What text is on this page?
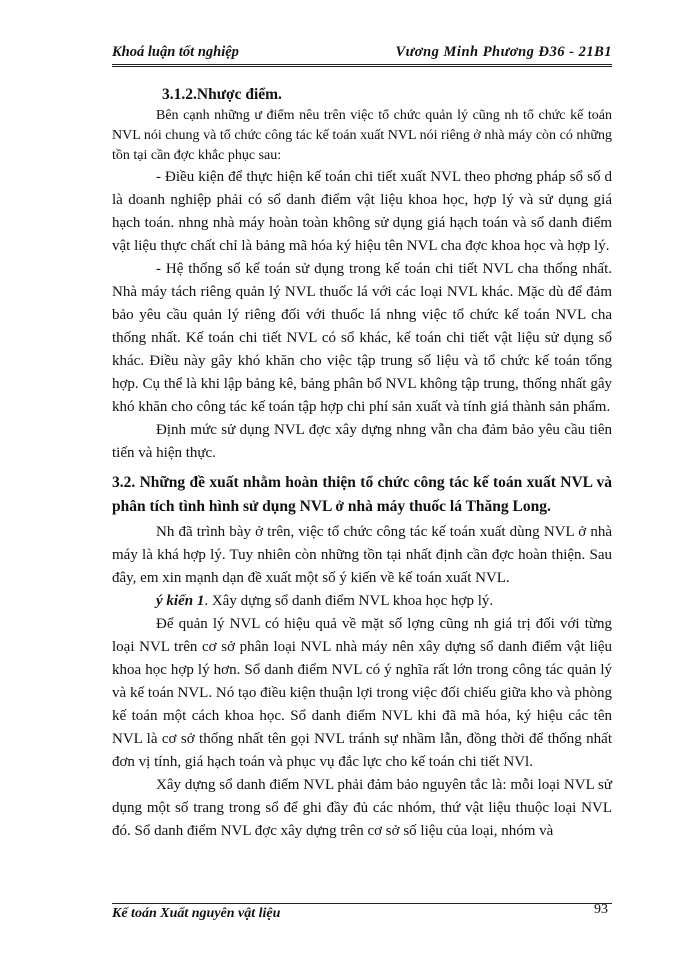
Khoá luận tốt nghiệp	Vương Minh Phương Đ36 - 21B1

3.1.2.Nhược điểm.

Bên cạnh những ư điểm nêu trên việc tổ chức quản lý cũng nh tổ chức kế toán NVL nói chung và tổ chức công tác kế toán xuất NVL nói riêng ở nhà máy còn có những tồn tại cần đợc khắc phục sau:

- Điều kiện để thực hiện kế toán chi tiết xuất NVL theo phơng pháp sổ số d là doanh nghiệp phải có sổ danh điểm vật liệu khoa học, hợp lý và sử dụng giá hạch toán. nhng nhà máy hoàn toàn không sử dụng giá hạch toán và sổ danh điểm vật liệu thực chất chỉ là bảng mã hóa ký hiệu tên NVL cha đợc khoa học và hợp lý.

- Hệ thống sổ kế toán sử dụng trong kế toán chi tiết NVL cha thống nhất. Nhà máy tách riêng quản lý NVL thuốc lá với các loại NVL khác. Mặc dù để đảm bảo yêu cầu quản lý riêng đối với thuốc lá nhng việc tổ chức kế toán NVL cha thống nhất. Kế toán chi tiết NVL có sổ khác, kế toán chi tiết vật liệu sử dụng sổ khác. Điều này gây khó khăn cho việc tập trung số liệu và tổ chức kế toán tổng hợp. Cụ thể là khi lập bảng kê, bảng phân bổ NVL không tập trung, thống nhất gây khó khăn cho công tác kế toán tập hợp chi phí sản xuất và tính giá thành sản phẩm.

Định mức sử dụng NVL đợc xây dựng nhng vẫn cha đảm bảo yêu cầu tiên tiến và hiện thực.

3.2. Những đề xuất nhằm hoàn thiện tổ chức công tác kế toán xuất NVL và phân tích tình hình sử dụng NVL ở nhà máy thuốc lá Thăng Long.

Nh đã trình bày ở trên, việc tổ chức công tác kế toán xuất dùng NVL ở nhà máy là khá hợp lý. Tuy nhiên còn những tồn tại nhất định cần đợc hoàn thiện. Sau đây, em xin mạnh dạn đề xuất một số ý kiến về kế toán xuất NVL.

ý kiến 1. Xây dựng sổ danh điểm NVL khoa học hợp lý.

Để quản lý NVL có hiệu quả về mặt số lợng cũng nh giá trị đối với từng loại NVL trên cơ sở phân loại NVL nhà máy nên xây dựng sổ danh điểm vật liệu khoa học hợp lý hơn. Sổ danh điểm NVL có ý nghĩa rất lớn trong công tác quản lý và kế toán NVL. Nó tạo điều kiện thuận lợi trong việc đối chiếu giữa kho và phòng kế toán một cách khoa học. Sổ danh điểm NVL khi đã mã hóa, ký hiệu các tên NVL là cơ sở thống nhất tên gọi NVL tránh sự nhầm lẫn, đồng thời để thống nhất đơn vị tính, giá hạch toán và phục vụ đắc lực cho kế toán chi tiết NVl.

Xây dựng sổ danh điểm NVL phải đảm bảo nguyên tắc là: mỗi loại NVL sử dụng một số trang trong sổ để ghi đầy đủ các nhóm, thứ vật liệu thuộc loại NVL đó. Sổ danh điểm NVL đợc xây dựng trên cơ sở số liệu của loại, nhóm và

Kế toán Xuất nguyên vật liệu	93
